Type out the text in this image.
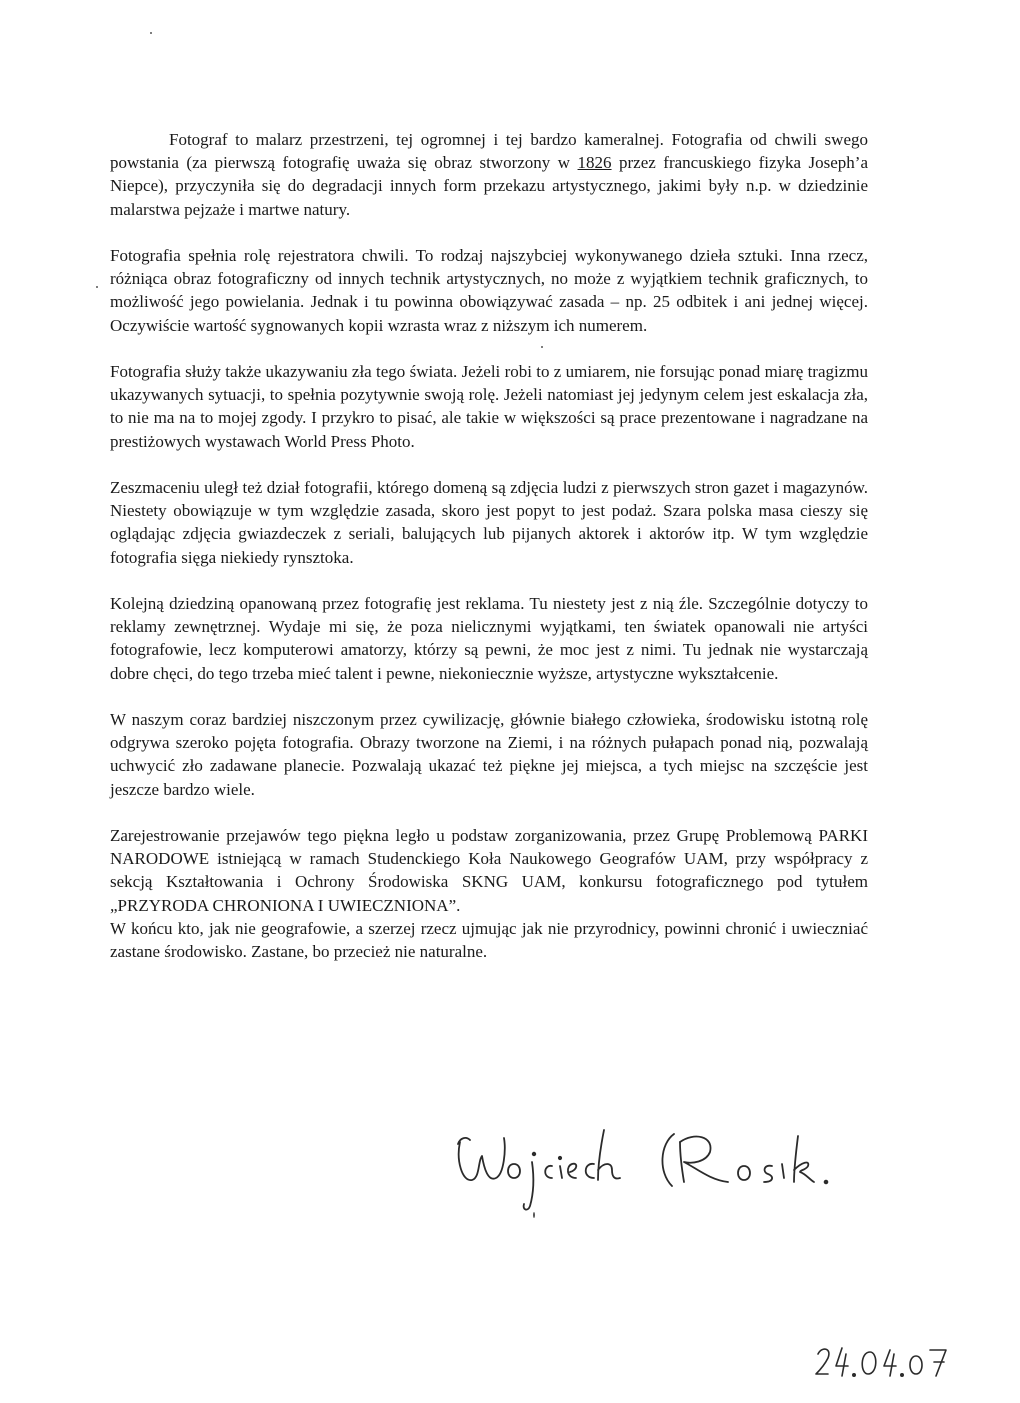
Fotograf to malarz przestrzeni, tej ogromnej i tej bardzo kameralnej. Fotografia od chwili swego powstania (za pierwszą fotografię uważa się obraz stworzony w 1826 przez francuskiego fizyka Joseph’a Niepce), przyczyniła się do degradacji innych form przekazu artystycznego, jakimi były n.p. w dziedzinie malarstwa pejzaże i martwe natury.

Fotografia spełnia rolę rejestratora chwili. To rodzaj najszybciej wykonywanego dzieła sztuki. Inna rzecz, różniąca obraz fotograficzny od innych technik artystycznych, no może z wyjątkiem technik graficznych, to możliwość jego powielania. Jednak i tu powinna obowiązywać zasada – np. 25 odbitek i ani jednej więcej. Oczywiście wartość sygnowanych kopii wzrasta wraz z niższym ich numerem.

Fotografia służy także ukazywaniu zła tego świata. Jeżeli robi to z umiarem, nie forsując ponad miarę tragizmu ukazywanych sytuacji, to spełnia pozytywnie swoją rolę. Jeżeli natomiast jej jedynym celem jest eskalacja zła, to nie ma na to mojej zgody. I przykro to pisać, ale takie w większości są prace prezentowane i nagradzane na prestiżowych wystawach World Press Photo.

Zeszmaceniu uległ też dział fotografii, którego domeną są zdjęcia ludzi z pierwszych stron gazet i magazynów. Niestety obowiązuje w tym względzie zasada, skoro jest popyt to jest podaż. Szara polska masa cieszy się oglądając zdjęcia gwiazdeczek z seriali, balujących lub pijanych aktorek i aktorów itp. W tym względzie fotografia sięga niekiedy rynsztoka.

Kolejną dziedziną opanowaną przez fotografię jest reklama. Tu niestety jest z nią źle. Szczególnie dotyczy to reklamy zewnętrznej. Wydaje mi się, że poza nielicznymi wyjątkami, ten światek opanowali nie artyści fotografowie, lecz komputerowi amatorzy, którzy są pewni, że moc jest z nimi. Tu jednak nie wystarczają dobre chęci, do tego trzeba mieć talent i pewne, niekoniecznie wyższe, artystyczne wykształcenie.

W naszym coraz bardziej niszczonym przez cywilizację, głównie białego człowieka, środowisku istotną rolę odgrywa szeroko pojęta fotografia. Obrazy tworzone na Ziemi, i na różnych pułapach ponad nią, pozwalają uchwycić zło zadawane planecie. Pozwalają ukazać też piękne jej miejsca, a tych miejsc na szczęście jest jeszcze bardzo wiele.

Zarejestrowanie przejawów tego piękna legło u podstaw zorganizowania, przez Grupę Problemową PARKI NARODOWE istniejącą w ramach Studenckiego Koła Naukowego Geografów UAM, przy współpracy z sekcją Kształtowania i Ochrony Środowiska SKNG UAM, konkursu fotograficznego pod tytułem „PRZYRODA CHRONIONA I UWIECZNIONA”.

W końcu kto, jak nie geografowie, a szerzej rzecz ujmując jak nie przyrodnicy, powinni chronić i uwieczniać zastane środowisko. Zastane, bo przecież nie naturalne.
